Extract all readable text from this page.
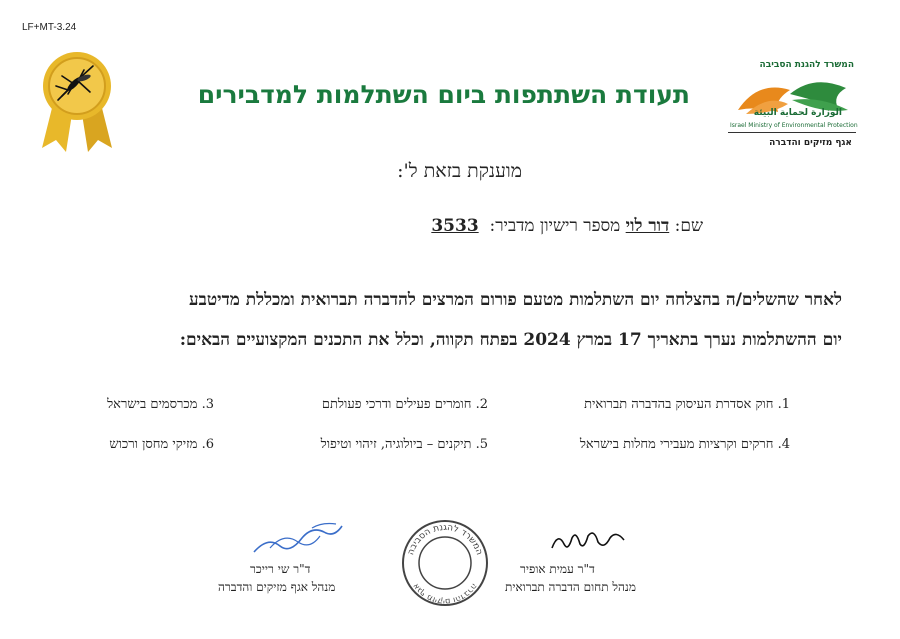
LF+MT-3.24
תעודת השתתפות ביום השתלמות למדבירים
המשרד להגנת הסביבה
الوزارة لحماية البيئة
Israel Ministry of Environmental Protection
אגף מזיקים והדברה
מוענקת בזאת ל':
שם: דור לוי מספר רישיון מדביר:  3533
לאחר שהשלים/ה בהצלחה יום השתלמות מטעם פורום המרצים להדברה תברואית ומכללת מדיטבע
יום ההשתלמות נערך בתאריך 17 במרץ 2024 בפתח תקווה, וכלל את התכנים המקצועיים הבאים:
1. חוק אסדרת העיסוק בהדברה תברואית
2. חומרים פעילים ודרכי פעולתם
3. מכרסמים בישראל
4. חרקים וקרציות מעבירי מחלות בישראל
5. תיקנים – ביולוגיה, זיהוי וטיפול
6. מזיקי מחסן ורכוש
ד"ר עמית אופיר
מנהל תחום הדברה תברואית
המשרד להגנת הסביבה
אגף מזיקים והדברה
ד"ר שי רייכר
מנהל אגף מזיקים והדברה
